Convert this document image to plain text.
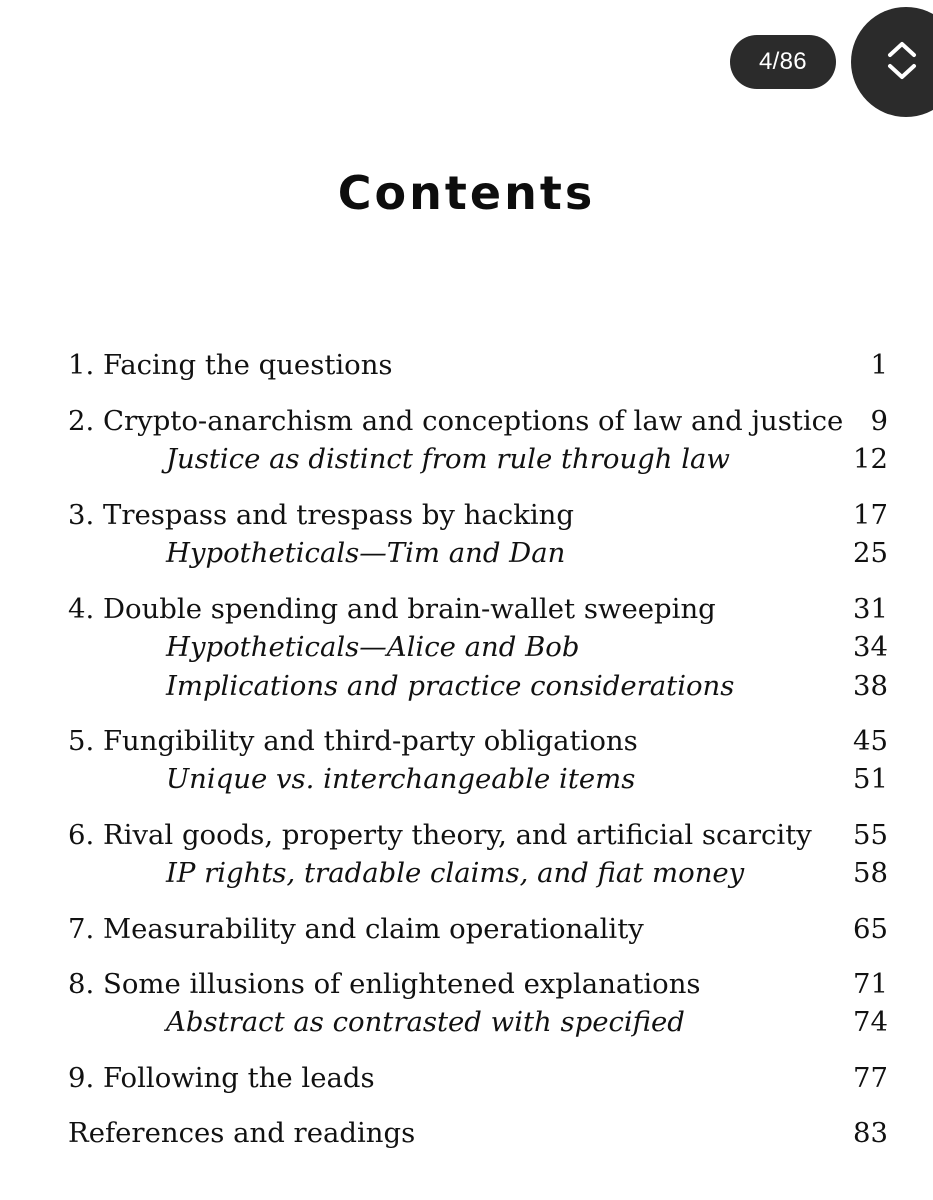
4/86
Contents
1. Facing the questions	1
2. Crypto-anarchism and conceptions of law and justice 9
Justice as distinct from rule through law	12
3. Trespass and trespass by hacking	17
Hypotheticals—Tim and Dan	25
4. Double spending and brain-wallet sweeping	31
Hypotheticals—Alice and Bob	34
Implications and practice considerations	38
5. Fungibility and third-party obligations	45
Unique vs. interchangeable items	51
6. Rival goods, property theory, and artificial scarcity 55
IP rights, tradable claims, and fiat money	58
7. Measurability and claim operationality	65
8. Some illusions of enlightened explanations	71
Abstract as contrasted with specified	74
9. Following the leads	77
References and readings	83
